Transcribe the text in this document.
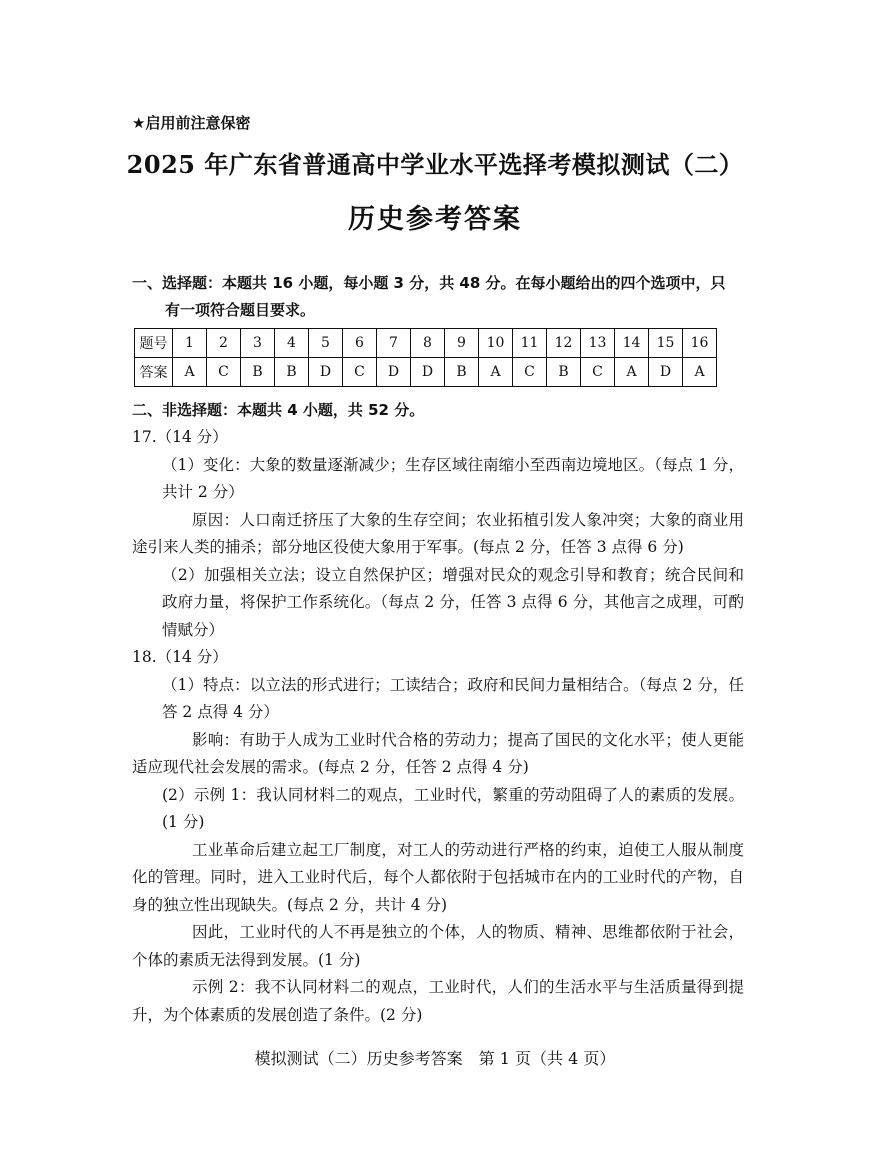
★启用前注意保密
2025 年广东省普通高中学业水平选择考模拟测试（二）
历史参考答案
一、选择题：本题共 16 小题，每小题 3 分，共 48 分。在每小题给出的四个选项中，只
有一项符合题目要求。
题号	1	2	3	4	5	6	7	8	9	10	11	12	13	14	15	16
答案	A	C	B	B	D	C	D	D	B	A	C	B	C	A	D	A
二、非选择题：本题共 4 小题，共 52 分。

17.（14 分）

（1）变化：大象的数量逐渐减少；生存区域往南缩小至西南边境地区。（每点 1 分，共计 2 分）

原因：人口南迁挤压了大象的生存空间；农业拓植引发人象冲突；大象的商业用途引来人类的捕杀；部分地区役使大象用于军事。(每点 2 分，任答 3 点得 6 分)

（2）加强相关立法；设立自然保护区；增强对民众的观念引导和教育；统合民间和政府力量，将保护工作系统化。（每点 2 分，任答 3 点得 6 分，其他言之成理，可酌情赋分）

18.（14 分）

（1）特点：以立法的形式进行；工读结合；政府和民间力量相结合。（每点 2 分，任答 2 点得 4 分）

影响：有助于人成为工业时代合格的劳动力；提高了国民的文化水平；使人更能适应现代社会发展的需求。(每点 2 分，任答 2 点得 4 分)

(2）示例 1：我认同材料二的观点，工业时代，繁重的劳动阻碍了人的素质的发展。(1 分)

工业革命后建立起工厂制度，对工人的劳动进行严格的约束，迫使工人服从制度化的管理。同时，进入工业时代后，每个人都依附于包括城市在内的工业时代的产物，自身的独立性出现缺失。(每点 2 分，共计 4 分)

因此，工业时代的人不再是独立的个体，人的物质、精神、思维都依附于社会，个体的素质无法得到发展。(1 分)

示例 2：我不认同材料二的观点，工业时代，人们的生活水平与生活质量得到提升，为个体素质的发展创造了条件。(2 分)

模拟测试（二）历史参考答案　第 1 页（共 4 页）
